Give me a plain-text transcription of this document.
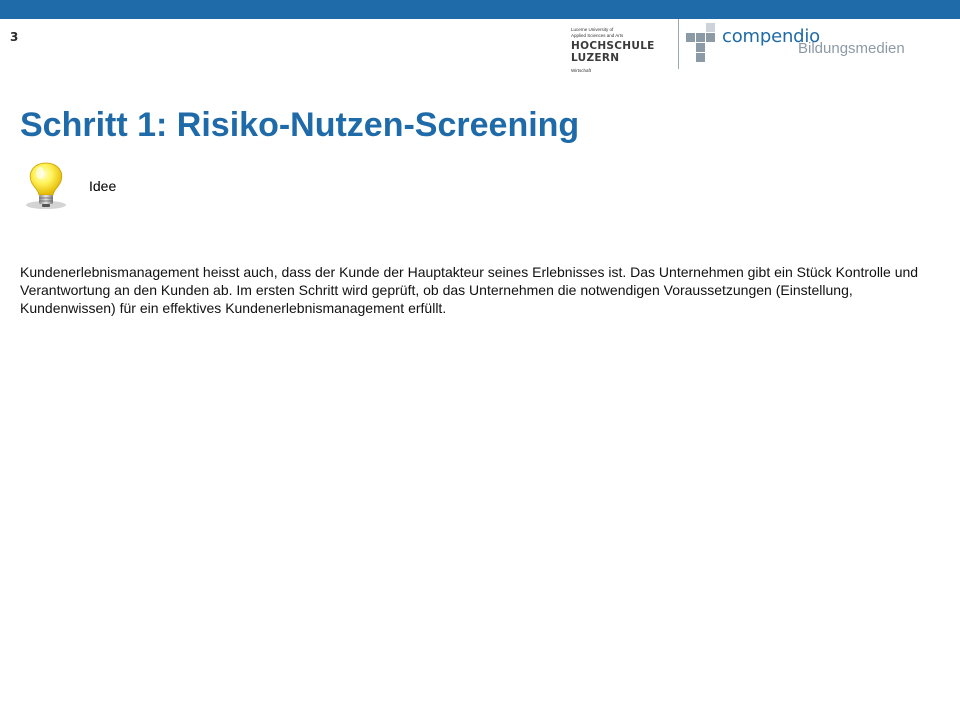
3
Lucerne University of
Applied Sciences and Arts
HOCHSCHULE
LUZERN
Wirtschaft
compendio
Bildungsmedien
Schritt 1: Risiko-Nutzen-Screening
Idee

Kundenerlebnismanagement heisst auch, dass der Kunde der Hauptakteur seines Erlebnisses ist. Das Unternehmen gibt ein Stück Kontrolle und Verantwortung an den Kunden ab. Im ersten Schritt wird geprüft, ob das Unternehmen die notwendigen Voraussetzungen (Einstellung, Kundenwissen) für ein effektives Kundenerlebnismanagement erfüllt.
